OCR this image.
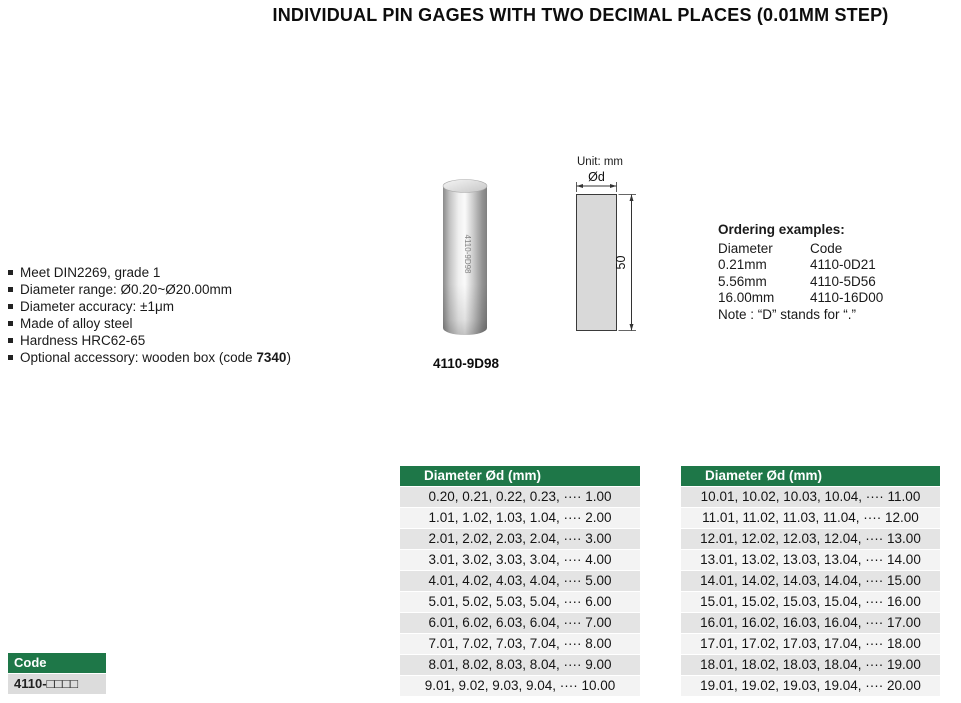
INDIVIDUAL PIN GAGES WITH TWO DECIMAL PLACES (0.01MM STEP)
Meet DIN2269, grade 1
Diameter range: Ø0.20~Ø20.00mm
Diameter accuracy: ±1μm
Made of alloy steel
Hardness HRC62-65
Optional accessory: wooden box (code 7340)
4110-9D98
4110-9D98
Unit: mm
Ød
50
Ordering examples:
Diameter	Code
0.21mm	4110-0D21
5.56mm	4110-5D56
16.00mm	4110-16D00
Note : “D” stands for “.”
Code
4110-□□□□
Diameter Ød (mm)
0.20, 0.21, 0.22, 0.23, ···· 1.00
1.01, 1.02, 1.03, 1.04, ···· 2.00
2.01, 2.02, 2.03, 2.04, ···· 3.00
3.01, 3.02, 3.03, 3.04, ···· 4.00
4.01, 4.02, 4.03, 4.04, ···· 5.00
5.01, 5.02, 5.03, 5.04, ···· 6.00
6.01, 6.02, 6.03, 6.04, ···· 7.00
7.01, 7.02, 7.03, 7.04, ···· 8.00
8.01, 8.02, 8.03, 8.04, ···· 9.00
9.01, 9.02, 9.03, 9.04, ···· 10.00
Diameter Ød (mm)
10.01, 10.02, 10.03, 10.04, ···· 11.00
11.01, 11.02, 11.03, 11.04, ···· 12.00
12.01, 12.02, 12.03, 12.04, ···· 13.00
13.01, 13.02, 13.03, 13.04, ···· 14.00
14.01, 14.02, 14.03, 14.04, ···· 15.00
15.01, 15.02, 15.03, 15.04, ···· 16.00
16.01, 16.02, 16.03, 16.04, ···· 17.00
17.01, 17.02, 17.03, 17.04, ···· 18.00
18.01, 18.02, 18.03, 18.04, ···· 19.00
19.01, 19.02, 19.03, 19.04, ···· 20.00
